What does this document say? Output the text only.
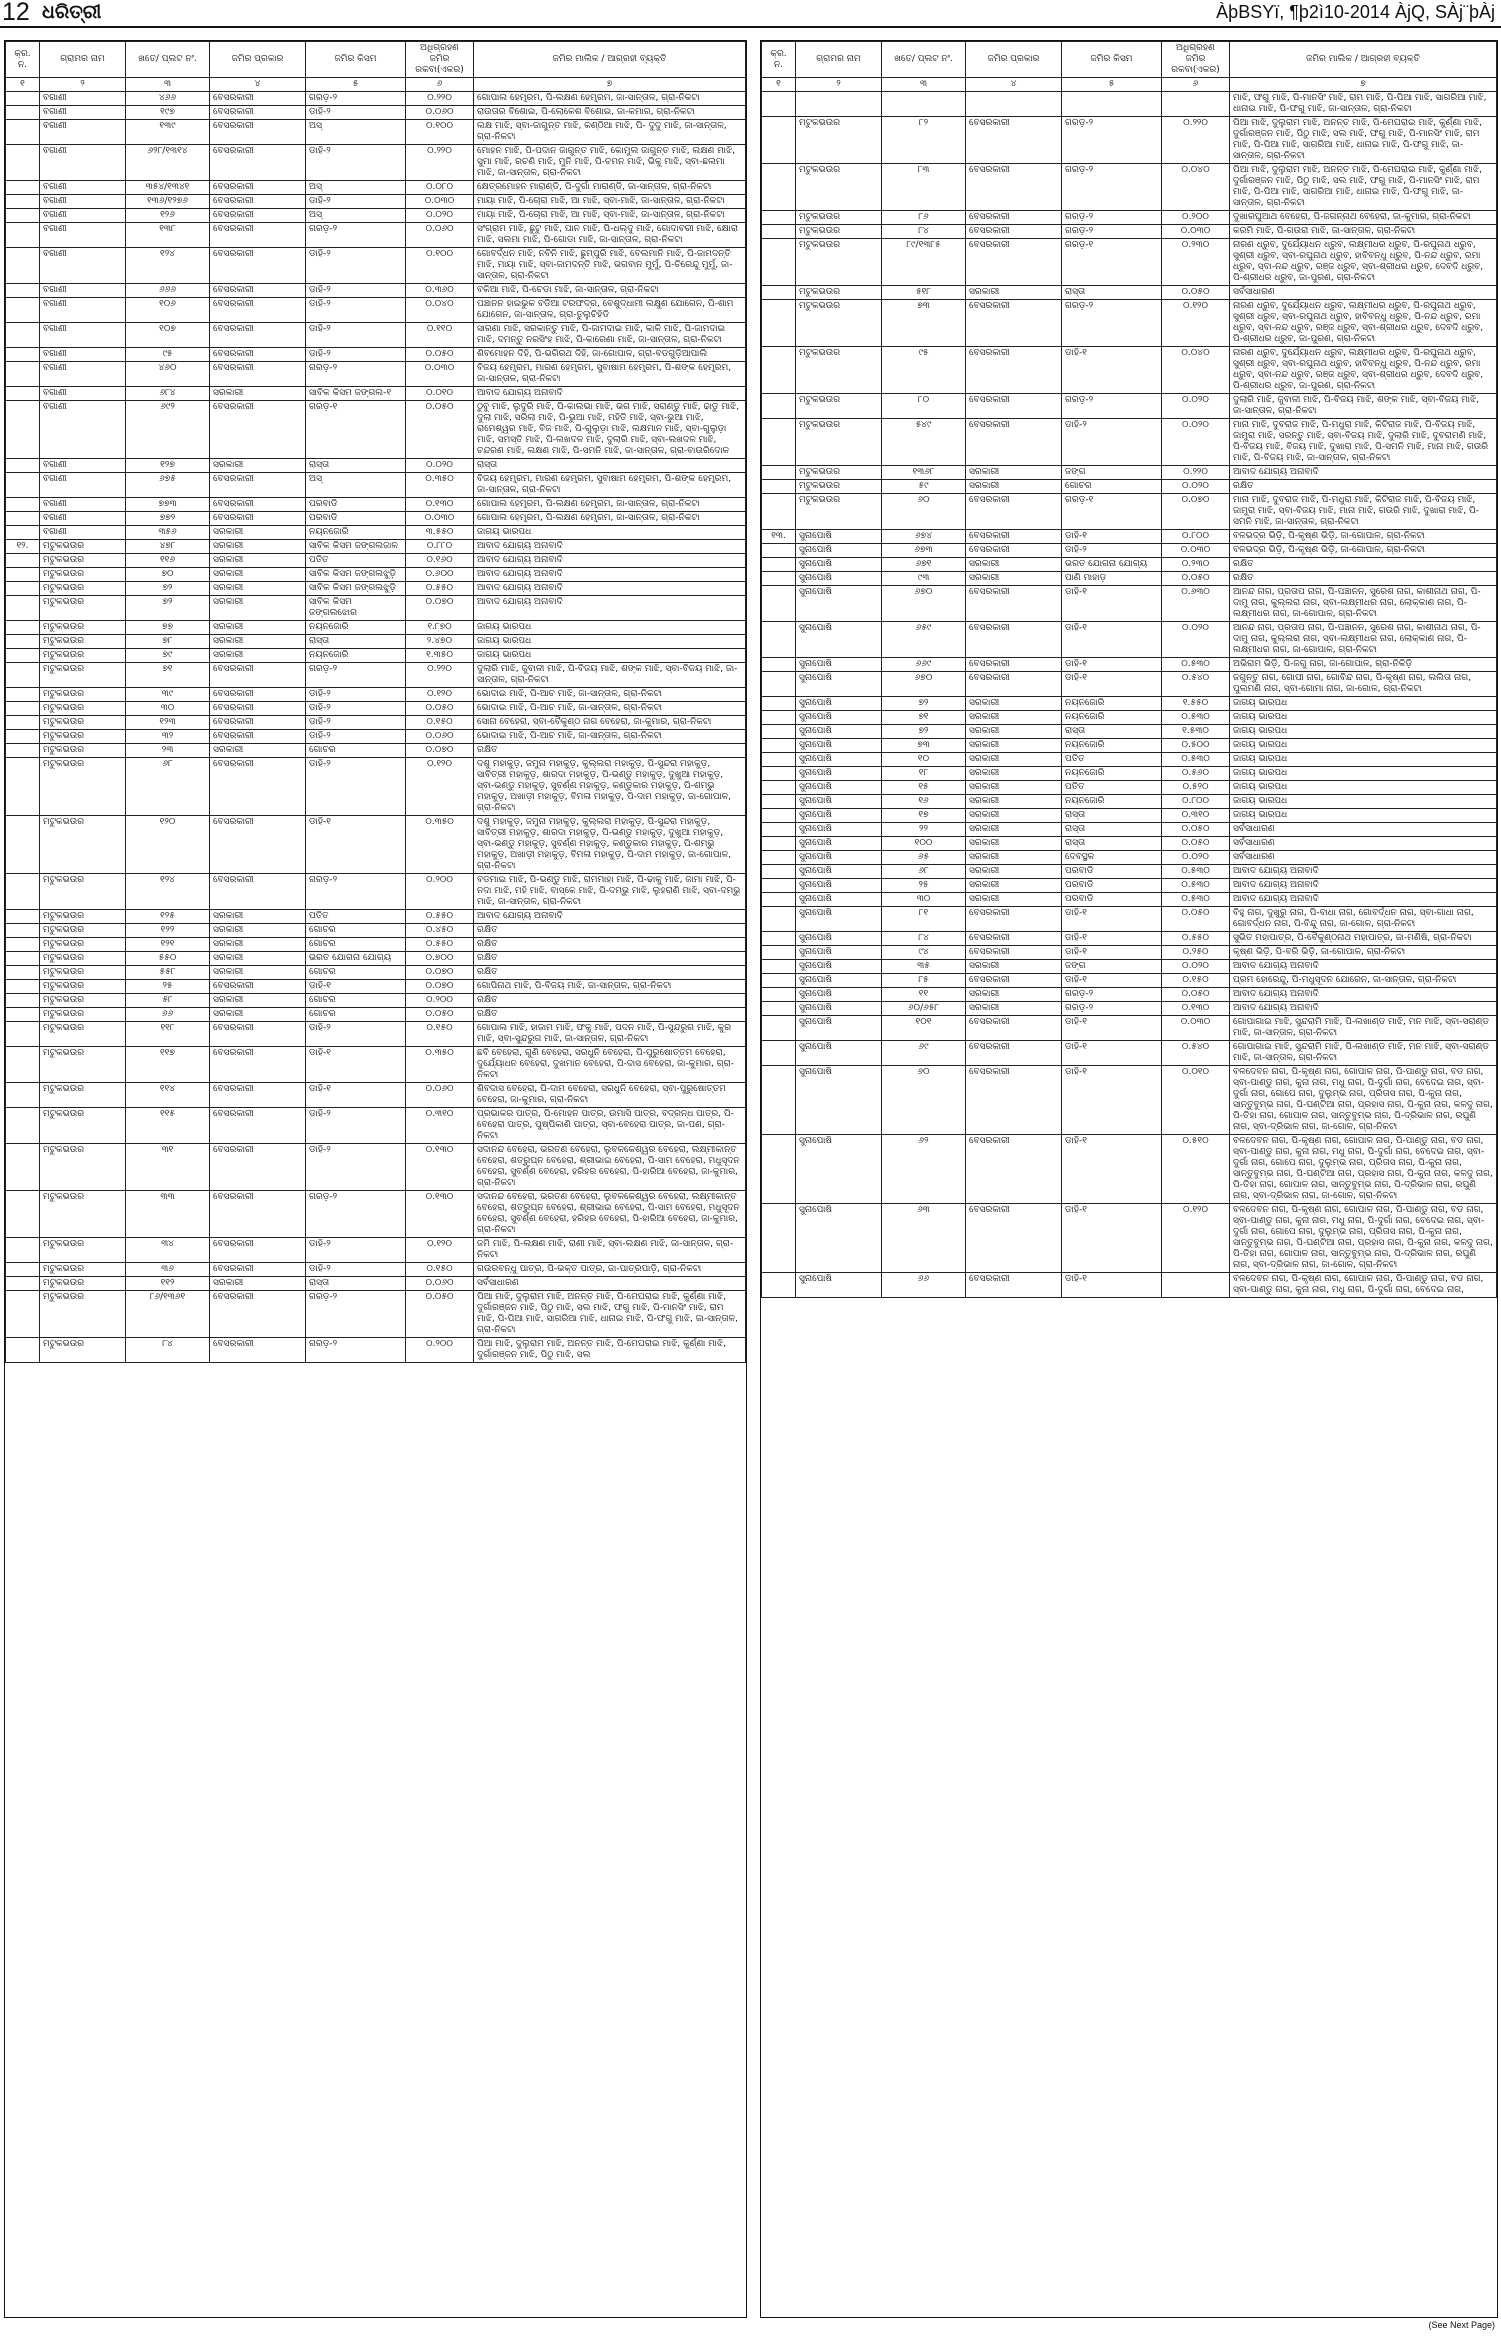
12 ଧରିତ୍ରୀ	ÀþBSYï, ¶þ2ì10-2014 ÀjQ, SÀj¨þÀj
କ୍ର. ନ.	ଗ୍ରାମର ନାମ	ଖତେ/ ପ୍ଲଟ ନଂ.	ଜମିର ପ୍ରକାର	ଜମିର କିସମ	ଅଧିଗ୍ରହଣ ଜମିର ରକବା(ଏକର)	ଜମିର ମାଲିକ / ଆଗ୍ରହୀ ବ୍ୟକ୍ତି
୧	୨	୩	୪	୫	୬	୭
	ବଗାଣୀ	୪୬୬	ବେସରକାରୀ	ଗରଡ଼-୨	୦.୨୨୦	ଗୋପାଲ ହେମ୍ବ୍ରମ, ପି-ଲକ୍ଷଣ ହେମ୍ବ୍ରମ, ଜା-ସାନ୍ତାଳ, ଗ୍ରା-ନିକଟା
	ବଗାଣୀ	୧୯୭	ବେସରକାରୀ	ଡାହି-୨	୦.୦୬୦	ରାଉତାର ବିଶୋଇ, ପି-ଲୋକେଶ ବିଶୋଇ, ଜା-କମାର, ଗ୍ରା-ନିକଟା
	ବଗାଣୀ	୧୩୯	ବେସରକାରୀ	ଅସ୍	୦.୧୦୦	ଲକ୍ଷ ମାଝି, ସ୍ବା-ଜାଗୁନ୍ତ ମାଝି, କଣ୍ଠିଆ ମାଝି, ପି- ଦୁଦୁ ମାଝି, ଜା-ସାନ୍ତାଳ, ଗ୍ରା-ନିକଟା
	ବଗାଣୀ	୬୨୮/୧୩୧୪	ବେସରକାରୀ	ଡାହି-୨	୦.୨୨୦	ମୋହନ ମାଝି, ପି-ପଦାନ ଜାଗୁନ୍ତ ମାଝି, କୋମୁଲ ଜାଗୁନ୍ତ ମାଝି, ଲକ୍ଷଣ ମାଝି, ସୁମା ମାଝି, ରଚଣି ମାଝି, ମୁନି ମାଝି, ପି-ଚମନ ମାଝି, ଭିକୁ ମାଝି, ସ୍ବା-ଛଲମା ମାଝି, ଜା-ସାନ୍ତାଳ, ଗ୍ରା-ନିକଟା
	ବଗାଣୀ	୩୫୪/୧୩୪୧	ବେସରକାରୀ	ଅସ୍	୦.୦୮୦	କ୍ଷେତ୍ରମୋହନ ମାରାଣ୍ଡି, ପି-ଦୁର୍ଗା ମାରାଣ୍ଡି, ଜା-ସାନ୍ତାଳ, ଗ୍ରା-ନିକଟା
	ବଗାଣୀ	୧୩୬/୧୨୭୬	ବେସରକାରୀ	ଡାହି-୨	୦.୦୩୦	ମାୟା ମାଝି, ପି-ଚୋରା ମାଝି, ଆ ମାଝି, ସ୍ବା-ମାଝି, ଜା-ସାନ୍ତାଳ, ଗ୍ରା-ନିକଟା
	ବଗାଣୀ	୧୨୬	ବେସରକାରୀ	ଅସ୍	୦.୦୨୦	ମାୟା ମାଝି, ପି-ଚୋରା ମାଝି, ଆ ମାଝି, ସ୍ବା-ମାଝି, ଜା-ସାନ୍ତାଳ, ଗ୍ରା-ନିକଟା
	ବଗାଣୀ	୧୩୮	ବେସରକାରୀ	ଗରଡ଼-୨	୦.୦୬୦	ସଂଗ୍ରାମ ମାଝି, ଛୁଟୁ ମାଝି, ପାନ ମାଝି, ପି-ଧଲ୍ଦୁ ମାଝି, ଗୋଦାବରୀ ମାଝି, କ୍ଷୋରା ମାଝି, ସଲମା ମାଝି, ପି-ଗୋଡା ମାଝି, ଜା-ସାନ୍ତାଳ, ଗ୍ରା-ନିକଟା
	ବଗାଣୀ	୧୨୪	ବେସରକାରୀ	ଡାହି-୨	୦.୧୦୦	ଗୋବର୍ଦ୍ଧନ ମାଝି, ନବିନି ମାଝି, ଛୁମ୍ପୁରି ମାଝି, ବେଲମାନି ମାଝି, ପି-ଜାମଦନ୍ତି ମାଝି, ମାୟା ମାଝି, ସ୍ବା-ଜାମଦନ୍ତି ମାଝି, ଭଗବାନ ମୁର୍ମୁ, ପି-ଚିରେନ୍ଦୁ ମୁର୍ମୁ, ଜା-ସାନ୍ତାଳ, ଗ୍ରା-ନିକଟା
	ବଗାଣୀ	୬୬୬	ବେସରକାରୀ	ଡାହି-୨	୦.୩୬୦	ବକିଆ ମାଝି, ପି-ଚେଡା ମାଝି, ଜା-ସାନ୍ତାଳ, ଗ୍ରା-ନିକଟା
	ବଗାଣୀ	୧୦୬	ବେସରକାରୀ	ଡାହି-୨	୦.୦୪୦	ପଞ୍ଚାନନ ହାଇଭୁକ ବଡିଆ ଟରଫଦ୍ର, ବେଶୁଦ୍ଧାମୀ ଲକ୍ଷୁଣ ଯୋଗେନ, ପି-ଶାମ ଯୋଗେନ, ଜା-ସାନ୍ତାଳ, ଗ୍ରା-ତୁଲୁଚିହିଡି
	ବଗାଣୀ	୧୦୭	ବେସରକାରୀ	ଡାହି-୨	୦.୧୧୦	ସାରଣା ମାଝି, ସରକାନ୍ତୁ ମାଝି, ପି-ଜାମଦାଇ ମାଝି, କାଳି ମାଝି, ପି-ଜାମଦାଇ ମାଝି, ଦମନ୍ତୁ ନରସିଂହ ମାଝି, ପି-କାରେଣା ମାଝି, ଜା-ସାନ୍ତାଳ, ଗ୍ରା-ନିକଟା
	ବଗାଣୀ	୯୫	ବେସରକାରୀ	ଡାହି-୨	୦.୦୫୦	ଶିବମୋହନ ଦିହି, ପି-ଭଗିରଥ ଦିହି, ଜା-ଗୋପାଳ, ଗ୍ରା-ବଡଗୁଡ଼ିଆପାଲି
	ବଗାଣୀ	୪୬୦	ବେସରକାରୀ	ଗରଡ଼-୨	୦.୦୩୦	ବିଜୟ ହେମ୍ବ୍ରମ, ମାରଣ ହେମ୍ବ୍ରମ, ସୁବାଷାମ ହେମ୍ବ୍ରମ, ପି-ଶଙ୍କ ହେମ୍ବ୍ରମ, ଜା-ସାନ୍ତାଳ, ଗ୍ରା-ନିକଟା
	ବଗାଣୀ	୬୮୪	ସରକାରୀ	ସାବିକ କିସମ ଜଙ୍ଗଲ-୧	୦.୦୧୦	ଆବାଦ ଯୋଗ୍ୟ ଅନାବାଦି
	ବଗାଣୀ	୬୯୨	ବେସରକାରୀ	ଗରଡ଼-୧	୦.୦୫୦	ଠୁବୁ ମାଝି, ଲୁଦୁରି ମାଝି, ପି-କାଲଭା ମାଝି, ଭଗ ମାଝି, ସରାଣ୍ଡୁ ମାଝି, ଢାଡୁ ମାଝି, ଦୁଲା ମାଝି, ସରିଲା ମାଝି, ପି-ଭୁଆ ମାଝି, ମହିତି ମାଝି, ସ୍ବା-ଭୁଆ ମାଝି, ରାମେଶ୍ୱର ମାଝି, ବିଜ ମାଝି, ପି-ଗୁଲୁଡ଼ା ମାଝି, ଲକ୍ଷମାନ ମାଝି, ସ୍ବା-ଗୁଲୁଡ଼ା ମାଝି, ସମସ୍ତି ମାଝି, ପି-ଲଖଦଳ ମାଝି, ଦୁଲାରି ମାଝି, ସ୍ବା-ଲଖଦଳ ମାଝି, ଚନ୍ଦରଣ ମାଝି, ଲକ୍ଷଣ ମାଝି, ପି-ସମନି ମାଝି, ଜା-ସାନ୍ତାଳ, ଗ୍ରା-ବାଉରିଦୋଳ
	ବଗାଣୀ	୧୨୭	ସରକାରୀ	ରାସ୍ତା	୦.୦୨୦	ରାସ୍ତା
	ବଗାଣୀ	୬୭୫	ବେସରକାରୀ	ଅସ୍	୦.୩୫୦	ବିଜୟ ହେମ୍ବ୍ରମ, ମାରଣ ହେମ୍ବ୍ରମ, ସୁବାଷାମ ହେମ୍ବ୍ରମ, ପି-ଶଙ୍କ ହେମ୍ବ୍ରମ, ଜା-ସାନ୍ତାଳ, ଗ୍ରା-ନିକଟା
	ବଗାଣୀ	୭୭୩	ବେସରକାରୀ	ପରବାଡି	୦.୧୩୦	ଗୋପାଲ ହେମ୍ବ୍ରମ, ପି-ଲକ୍ଷଣ ହେମ୍ବ୍ରମ, ଜା-ସାନ୍ତାଳ, ଗ୍ରା-ନିକଟା
	ବଗାଣୀ	୭୭୨	ବେସରକାରୀ	ପରବାଡି	୦.୦୩୦	ଗୋପାଲ ହେମ୍ବ୍ରମ, ପି-ଲକ୍ଷଣ ହେମ୍ବ୍ରମ, ଜା-ସାନ୍ତାଳ, ଗ୍ରା-ନିକଟା
	ବଗାଣୀ	୩୫୬	ସରକାରୀ	ନୟନଜୋରି	୩.୫୫୦	ଜାଗୟ ଭାରପଧ
୧୨.	ମଟୁକଭଉର	୪୭୮	ସରକାରୀ	ସାବିକ କିସମ ଜଙ୍ଗଲଜାଳ	୦.୮୮୦	ଆବାଦ ଯୋଗ୍ୟ ଅନାବାଦି
	ମଟୁକଭଉର	୧୧୬	ସରକାରୀ	ପତିତ	୦.୧୬୦	ଆବାଦ ଯୋଗ୍ୟ ଅନାବାଦି
	ମଟୁକଭଉର	୭୦	ସରକାରୀ	ସାବିକ କିସମ ଜଙ୍ଗଲଝୁଡ଼ି	୦.୬୦୦	ଆବାଦ ଯୋଗ୍ୟ ଅନାବାଦି
	ମଟୁକଭଉର	୭୨	ସରକାରୀ	ସାବିକ କିସମ ଜଙ୍ଗଲଝୁଡ଼ି	୦.୫୫୦	ଆବାଦ ଯୋଗ୍ୟ ଅନାବାଦି
	ମଟୁକଭଉର	୭୨	ସରକାରୀ	ସାବିକ କିସମ ଜଙ୍ଗଲଝୋର	୦.୦୭୦	ଆବାଦ ଯୋଗ୍ୟ ଅନାବାଦି
	ମଟୁକଭଉର	୭୭	ସରକାରୀ	ନୟନଜୋରି	୧.୮୭୦	ଜାଗୟ ଭାରପଧ
	ମଟୁକଭଉର	୭୮	ସରକାରୀ	ରାସ୍ତା	୨.୪୭୦	ଜାଗୟ ଭାରପଧ
	ମଟୁକଭଉର	୭୯	ସରକାରୀ	ନୟନଜୋରି	୧.୩୫୦	ଜାଗୟ ଭାରପଧ
	ମଟୁକଭଉର	୭୧	ବେସରକାରୀ	ଗରଡ଼-୨	୦.୨୨୦	ଦୁଲାରି ମାଝି, ଜୁବାଳୀ ମାଝି, ପି-ବିଜୟ ମାଝି, ଶଙ୍କ ମାଝି, ସ୍ବା-ବିଜୟ ମାଝି, ଜା-ସାନ୍ତାଳ, ଗ୍ରା-ନିକଟା
	ମଟୁକଭଉର	୩୯	ବେସରକାରୀ	ଡାହି-୨	୦.୧୨୦	ଭୋଦାଇ ମାଝି, ପି-ଆଚ ମାଝି, ଜା-ସାନ୍ତାଳ, ଗ୍ରା-ନିକଟା
	ମଟୁକଭଉର	୩୦	ବେସରକାରୀ	ଡାହି-୨	୦.୦୫୦	ଭୋଦାଇ ମାଝି, ପି-ଆଚ ମାଝି, ଜା-ସାନ୍ତାଳ, ଗ୍ରା-ନିକଟା
	ମଟୁକଭଉର	୧୨୩	ବେସରକାରୀ	ଡାହି-୨	୦.୧୫୦	ସୋନା ବେହେରା, ସ୍ବା-ବୈକୁଣ୍ଠ ନାଗ ବେହେରା, ଜା-କୁମାର, ଗ୍ରା-ନିକଟା
	ମଟୁକଭଉର	୩୨	ବେସରକାରୀ	ଡାହି-୨	୦.୦୬୦	ଭୋଦାଇ ମାଝି, ପି-ଆଚ ମାଝି, ଜା-ସାନ୍ତାଳ, ଗ୍ରା-ନିକଟା
	ମଟୁକଭଉର	୨୩	ସରକାରୀ	ଗୋଚର	୦.୦୭୦	ରକ୍ଷିତ
	ମଟୁକଭଉର	୬୮	ବେସରକାରୀ	ଡାହି-୨	୦.୧୨୦	ଦଶୁ ମହାକୁଡ଼, ଜମୁନା ମହାକୁଡ଼, କୁଲ୍ଲରା ମହାକୁଡ଼, ପି-ସୁନ୍ଦରା ମହାକୁଡ଼, ସାବିତ୍ରୀ ମହାକୁଡ଼, ଶାରଦା ମହାକୁଡ଼, ପି-ଭଣ୍ଡୁ ମହାକୁଡ଼, ଦୁଖୁଆ ମହାକୁଡ଼, ସ୍ବା-ଭଣ୍ଡୁ ମହାକୁଡ଼, ସୁବର୍ଣ୍ଣ ମହାକୁଡ଼, କଣ୍ଡୁକାର ମହାକୁଡ଼, ପି-ଶମ୍ଭୁ ମହାକୁଡ଼, ଅଖାଡ଼ୀ ମହାକୁଡ଼, ବିମଳା ମହାକୁଡ଼, ପି-ଦାମ ମହାକୁଡ଼, ଜା-ଗୋପାଳ, ଗ୍ରା-ନିକଟା
	ମଟୁକଭଉର	୧୨୦	ବେସରକାରୀ	ଡାହି-୧	୦.୩୫୦	ଦଶୁ ମହାକୁଡ଼, ଜମୁନା ମହାକୁଡ଼, କୁଲ୍ଲରା ମହାକୁଡ଼, ପି-ସୁନ୍ଦରା ମହାକୁଡ଼, ସାବିତ୍ରୀ ମହାକୁଡ଼, ଶାରଦା ମହାକୁଡ଼, ପି-ଭଣ୍ଡୁ ମହାକୁଡ଼, ଦୁଖୁଆ ମହାକୁଡ଼, ସ୍ବା-ଭଣ୍ଡୁ ମହାକୁଡ଼, ସୁବର୍ଣ୍ଣ ମହାକୁଡ଼, କଣ୍ଡୁକାର ମହାକୁଡ଼, ପି-ଶମ୍ଭୁ ମହାକୁଡ଼, ଅଖାଡ଼ୀ ମହାକୁଡ଼, ବିମଳା ମହାକୁଡ଼, ପି-ଦାମ ମହାକୁଡ଼, ଜା-ଗୋପାଳ, ଗ୍ରା-ନିକଟା
	ମଟୁକଭଉର	୧୨୪	ବେସରକାରୀ	ଗରଡ଼-୨	୦.୨୦୦	ବଡମାଇ ମାଝି, ପି-ଭଣ୍ଡୁ ମାଝି, ରାମମାହା ମାଝି, ପି-ଢାକୁ ମାଝି, ଜାମା ମାଝି, ପି-ନଦା ମାଝି, ମହି ମାଝି, ବାସ୍କେ ମାଝି, ପି-ଦମ୍ଭୁ ମାଝି, ଲୁହରାଣି ମାଝି, ସ୍ବା-ଦମ୍ଭୁ ମାଝି, ଜା-ସାନ୍ତାଳ, ଗ୍ରା-ନିକଟା
	ମଟୁକଭଉର	୧୨୫	ସରକାରୀ	ପତିତ	୦.୫୫୦	ଆବାଦ ଯୋଗ୍ୟ ଅନାବାଦି
	ମଟୁକଭଉର	୧୨୨	ସରକାରୀ	ଗୋଚର	୦.୪୫୦	ରକ୍ଷିତ
	ମଟୁକଭଉର	୧୨୧	ସରକାରୀ	ଗୋଚର	୦.୫୫୦	ରକ୍ଷିତ
	ମଟୁକଭଉର	୫୫୦	ସରକାରୀ	ଭରତ ଯୋଗନା ଯୋଗ୍ୟ	୦.୭୦୦	ରକ୍ଷିତ
	ମଟୁକଭଉର	୫୫୮	ସରକାରୀ	ଗୋଚର	୦.୦୭୦	ରକ୍ଷିତ
	ମଟୁକଭଉର	୨୫	ବେସରକାରୀ	ଡାହି-୧	୦.୦୭୦	ଗୋପିନାଥ ମାଝି, ପି-ବିଜୟ ମାଝି, ଜା-ସାନ୍ତାଳ, ଗ୍ରା-ନିକଟା
	ମଟୁକଭଉର	୫୮	ସରକାରୀ	ଗୋଚର	୦.୨୦୦	ରକ୍ଷିତ
	ମଟୁକଭଉର	୬୬	ସରକାରୀ	ଗୋଚର	୦.୦୫୦	ରକ୍ଷିତ
	ମଟୁକଭଉର	୧୧୮	ବେସରକାରୀ	ଡାହି-୨	୦.୧୫୦	ଗୋପାଲ ମାଝି, ହାଜାମ ମାଝି, ଫକୁ ମାଝି, ପଦନ ମାଝି, ପି-ସୁନ୍ଦରୁଗ ମାଝି, କୁର ମାଝି, ସ୍ବା-ସୁନ୍ଦରୁଗ ମାଝି, ଜା-ସାନ୍ତାଳ, ଗ୍ରା-ନିକଟା
	ମଟୁକଭଉର	୧୧୭	ବେସରକାରୀ	ଡାହି-୧	୦.୩୫୦	ଛବି ବେହେରା, ଗୁଣି ବେହେରା, ସରଧୁନି ବେହେରା, ପି-ପୁରୁଷୋତ୍ତମ ବେହେରା, ଦୁର୍ଯ୍ୟୋଧନ ବେହେରା, ଦୁଖମାନ ବେହେରା, ପି-ଦାସ ବେହେରା, ଜା-କୁମାର, ଗ୍ରା-ନିକଟା
	ମଟୁକଭଉର	୧୧୪	ବେସରକାରୀ	ଡାହି-୧	୦.୦୬୦	ଶିବଦାସ ବେହେରା, ପି-ଦାମ ବେହେରା, ସରଧୁନି ବେହେରା, ସ୍ବା-ପୁରୁଷୋତ୍ତମ ବେହେରା, ଜା-କୁମାର, ଗ୍ରା-ନିକଟା
	ମଟୁକଭଉର	୧୧୫	ବେସରକାରୀ	ଡାହି-୨	୦.୩୧୦	ପ୍ରଭାକର ପାତ୍ର, ପି-ମୋହନ ପାତ୍ର, ଉମାସି ପାତ୍ର, ବଦ୍ରନ୍ଧ ପାତ୍ର, ପି-ବେହେରା ପାତ୍ର, ପୁଷ୍ପିକାଣି ପାତ୍ର, ସ୍ବା-ବେହେରା ପାତ୍ର, ଜା-ପଣ, ଗ୍ରା-ନିକଟା
	ମଟୁକଭଉର	୩୧	ବେସରକାରୀ	ଡାହି-୨	୦.୧୩୦	ସଦାନନ୍ଦ ବେହେରା, ଭରତଣ ବେହେରା, ଲୁବଳକେଶ୍ୱର ବେହେରା, ଲକ୍ଷ୍ମୀକାନ୍ତ ବେହେରା, ଶତ୍ରୁଘ୍ନ ବେହେରା, ଶ୍ରୀଭାଇ ବେହେରା, ପି-ସାମ ବେହେରା, ମଧୁସୂଦନ ବେହେରା, ସୁବର୍ଣ୍ଣ ବେହେରା, ହରିହର ବେହେରା, ପି-ହାରିଆ ବେହେରା, ଜା-କୁମାର, ଗ୍ରା-ନିକଟା
	ମଟୁକଭଉର	୩୩	ବେସରକାରୀ	ଗରଡ଼-୨	୦.୧୩୦	ସଦାନନ୍ଦ ବେହେରା, ଭରତଣ ବେହେରା, ଲୁବଳକେଶ୍ୱର ବେହେରା, ଲକ୍ଷ୍ମୀକାନ୍ତ ବେହେରା, ଶତ୍ରୁଘ୍ନ ବେହେରା, ଶ୍ରୀଭାଇ ବେହେରା, ପି-ସାମ ବେହେରା, ମଧୁସୂଦନ ବେହେରା, ସୁବର୍ଣ୍ଣ ବେହେରା, ହରିହର ବେହେରା, ପି-ହାରିଆ ବେହେରା, ଜା-କୁମାର, ଗ୍ରା-ନିକଟା
	ମଟୁକଭଉର	୩୪	ବେସରକାରୀ	ଡାହି-୨	୦.୧୨୦	ଜମି ମାଝି, ପି-ଲକ୍ଷଣ ମାଝି, ରାଣୀ ମାଝି, ସ୍ବା-ଲକ୍ଷଣ ମାଝି, ଜା-ସାନ୍ତାଳ, ଗ୍ରା-ନିକଟା
	ମଟୁକଭଉର	୩୬	ବେସରକାରୀ	ଡାହି-୨	୦.୧୫୦	ଗଉରବନ୍ଧୁ ପାତ୍ର, ପି-ଭକ୍ତ ପାତ୍ର, ଜା-ପାତ୍ରପାଡ଼ି, ଗ୍ରା-ନିକଟା
	ମଟୁକଭଉର	୧୧୨	ସରକାରୀ	ରାସ୍ତା	୦.୦୬୦	ସର୍ବସାଧାରଣ
	ମଟୁକଭଉର	୮୬/୧୩୬୧	ବେସରକାରୀ	ଗରଡ଼-୨	୦.୦୫୦	ପିଆ ମାଝି, ଦୁଲୁରାମ ମାଝି, ଅନନ୍ତ ମାଝି, ପି-ମେଘରାଇ ମାଝି, କୁର୍ଣ୍ଣା ମାଝି, ଦୁର୍ଗାରଞ୍ଜନ ମାଝି, ପିଠୁ ମାଝି, ସଲ ମାଝି, ଫଗୁ ମାଝି, ପି-ମାନସିଂ ମାଝି, ରାମ ମାଝି, ପି-ପିଆ ମାଝି, ସାଗରିଆ ମାଝି, ଧାନାଇ ମାଝି, ପି-ଫଗୁ ମାଝି, ଜା-ସାନ୍ତାଳ, ଗ୍ରା-ନିକଟା
	ମଟୁକଭଉର	୮୪	ବେସରକାରୀ	ଗରଡ଼-୨	୦.୨୦୦	ପିଆ ମାଝି, ଦୁଲୁରାମ ମାଝି, ଅନନ୍ତ ମାଝି, ପି-ମେଘରାଇ ମାଝି, କୁର୍ଣ୍ଣା ମାଝି, ଦୁର୍ଗାରଞ୍ଜନ ମାଝି, ପିଠୁ ମାଝି, ସଲ
କ୍ର. ନ.	ଗ୍ରାମର ନାମ	ଖତେ/ ପ୍ଲଟ ନଂ.	ଜମିର ପ୍ରକାର	ଜମିର କିସମ	ଅଧିଗ୍ରହଣ ଜମିର ରକବା(ଏକର)	ଜମିର ମାଲିକ / ଆଗ୍ରହୀ ବ୍ୟକ୍ତି
୧	୨	୩	୪	୫	୬	୭
						ମାଝି, ଫଗୁ ମାଝି, ପି-ମାନସିଂ ମାଝି, ରାମ ମାଝି, ପି-ପିଆ ମାଝି, ସାଗରିଆ ମାଝି, ଧାନାଇ ମାଝି, ପି-ଫଗୁ ମାଝି, ଜା-ସାନ୍ତାଳ, ଗ୍ରା-ନିକଟା
	ମଟୁକଭଉର	୮୨	ବେସରକାରୀ	ଗରଡ଼-୨	୦.୨୨୦	ପିଆ ମାଝି, ଦୁଲୁରାମ ମାଝି, ଅନନ୍ତ ମାଝି, ପି-ମେଘରାଇ ମାଝି, କୁର୍ଣ୍ଣା ମାଝି, ଦୁର୍ଗାରଞ୍ଜନ ମାଝି, ପିଠୁ ମାଝି, ସଲ ମାଝି, ଫଗୁ ମାଝି, ପି-ମାନସିଂ ମାଝି, ରାମ ମାଝି, ପି-ପିଆ ମାଝି, ସାଗରିଆ ମାଝି, ଧାନାଇ ମାଝି, ପି-ଫଗୁ ମାଝି, ଜା-ସାନ୍ତାଳ, ଗ୍ରା-ନିକଟା
	ମଟୁକଭଉର	୮୩	ବେସରକାରୀ	ଗରଡ଼-୨	୦.୦୪୦	ପିଆ ମାଝି, ଦୁଲୁରାମ ମାଝି, ଅନନ୍ତ ମାଝି, ପି-ମେଘରାଇ ମାଝି, କୁର୍ଣ୍ଣା ମାଝି, ଦୁର୍ଗାରଞ୍ଜନ ମାଝି, ପିଠୁ ମାଝି, ସଲ ମାଝି, ଫଗୁ ମାଝି, ପି-ମାନସିଂ ମାଝି, ରାମ ମାଝି, ପି-ପିଆ ମାଝି, ସାଗରିଆ ମାଝି, ଧାନାଇ ମାଝି, ପି-ଫଗୁ ମାଝି, ଜା-ସାନ୍ତାଳ, ଗ୍ରା-ନିକଟା
	ମଟୁକଭଉର	୮୬	ବେସରକାରୀ	ଗରଡ଼-୨	୦.୨୦୦	ଦୁଖାରଘୁଆଥ ବେହେରା, ପି-ଜଗନ୍ନାଥ ବେହେରା, ଜା-କୁମାର, ଗ୍ରା-ନିକଟା
	ମଟୁକଭଉର	୮୪	ବେସରକାରୀ	ଗରଡ଼-୨	୦.୦୩୦	କରମି ମାଝି, ପି-ଗଉରା ମାଝି, ଜା-ସାନ୍ତାଳ, ଗ୍ରା-ନିକଟା
	ମଟୁକଭଉର	୮୯/୧୩୮୫	ବେସରକାରୀ	ଗରଡ଼-୧	୦.୨୩୦	ନାରଣ ଧ୍ରୁବ, ଦୁର୍ଯ୍ୟୋଧନ ଧ୍ରୁବ, ଲକ୍ଷ୍ମୀଧର ଧ୍ରୁବ, ପି-ରଘୁନାଥ ଧ୍ରୁବ, ସୁଶ୍ରୀ ଧ୍ରୁବ, ସ୍ବା-ରଘୁନାଥ ଧ୍ରୁବ, ହାବିବନ୍ଧୁ ଧ୍ରୁବ, ପି-ନନ୍ଦ ଧ୍ରୁବ, ରମା ଧ୍ରୁବ, ସ୍ବା-ନନ୍ଦ ଧ୍ରୁବ, ରଞ୍ଜ ଧ୍ରୁବ, ସ୍ବା-ଶ୍ରୀଧର ଧ୍ରୁବ, ଦେବଦି ଧ୍ରୁବ, ପି-ଶ୍ରୀଧର ଧ୍ରୁବ, ଜା-ପୁରଣ, ଗ୍ରା-ନିକଟା
	ମଟୁକଭଉର	୫୧୮	ସରକାରୀ	ରାସ୍ତା	୦.୦୫୦	ସର୍ବସାଧାରଣ
	ମଟୁକଭଉର	୭୩	ବେସରକାରୀ	ଗରଡ଼-୨	୦.୧୨୦	ନାରଣ ଧ୍ରୁବ, ଦୁର୍ଯ୍ୟୋଧନ ଧ୍ରୁବ, ଲକ୍ଷ୍ମୀଧର ଧ୍ରୁବ, ପି-ରଘୁନାଥ ଧ୍ରୁବ, ସୁଶ୍ରୀ ଧ୍ରୁବ, ସ୍ବା-ରଘୁନାଥ ଧ୍ରୁବ, ହାବିବନ୍ଧୁ ଧ୍ରୁବ, ପି-ନନ୍ଦ ଧ୍ରୁବ, ରମା ଧ୍ରୁବ, ସ୍ବା-ନନ୍ଦ ଧ୍ରୁବ, ରଞ୍ଜ ଧ୍ରୁବ, ସ୍ବା-ଶ୍ରୀଧର ଧ୍ରୁବ, ଦେବଦି ଧ୍ରୁବ, ପି-ଶ୍ରୀଧର ଧ୍ରୁବ, ଜା-ପୁରଣ, ଗ୍ରା-ନିକଟା
	ମଟୁକଭଉର	୯୫	ବେସରକାରୀ	ଡାହି-୧	୦.୦୪୦	ନାରଣ ଧ୍ରୁବ, ଦୁର୍ଯ୍ୟୋଧନ ଧ୍ରୁବ, ଲକ୍ଷ୍ମୀଧର ଧ୍ରୁବ, ପି-ରଘୁନାଥ ଧ୍ରୁବ, ସୁଶ୍ରୀ ଧ୍ରୁବ, ସ୍ବା-ରଘୁନାଥ ଧ୍ରୁବ, ହାବିବନ୍ଧୁ ଧ୍ରୁବ, ପି-ନନ୍ଦ ଧ୍ରୁବ, ରମା ଧ୍ରୁବ, ସ୍ବା-ନନ୍ଦ ଧ୍ରୁବ, ରଞ୍ଜ ଧ୍ରୁବ, ସ୍ବା-ଶ୍ରୀଧର ଧ୍ରୁବ, ଦେବଦି ଧ୍ରୁବ, ପି-ଶ୍ରୀଧର ଧ୍ରୁବ, ଜା-ପୁରଣ, ଗ୍ରା-ନିକଟା
	ମଟୁକଭଉର	୮୦	ବେସରକାରୀ	ଗରଡ଼-୨	୦.୦୨୦	ଦୁଲାରି ମାଝି, ଜୁବାଳୀ ମାଝି, ପି-ବିଜୟ ମାଝି, ଶଙ୍କ ମାଝି, ସ୍ବା-ବିଜୟ ମାଝି, ଜା-ସାନ୍ତାଳ, ଗ୍ରା-ନିକଟା
	ମଟୁକଭଉର	୫୪୯	ବେସରକାରୀ	ଡାହି-୨	୦.୦୨୦	ମାନା ମାଝି, ଦୁବରାଜ ମାଝି, ପି-ମଧୁରା ମାଝି, କିଟିରାଜ ମାଝି, ପି-ବିଜୟ ମାଝି, ଜାମୁରା ମାଝି, ସରନ୍ତୁ ମାଝି, ସ୍ବା-ବିଜୟ ମାଝି, ଦୁଲାରି ମାଝି, ଦୁବରାମଣି ମାଝି, ପି-ବିଜୟ ମାଝି, ବିଜୟ ମାଝି, ଦୁଖାରା ମାଝି, ପି-ସମନି ମାଝି, ମାନା ମାଝି, ଗଉରି ମାଝି, ପି-ବିଜୟ ମାଝି, ଜା-ସାନ୍ତାଳ, ଗ୍ରା-ନିକଟା
	ମଟୁକଭଉର	୧୩୬୮	ସରକାରୀ	ଜଙ୍ଗ	୦.୨୨୦	ଆବାଦ ଯୋଗ୍ୟ ଅନାବାଦି
	ମଟୁକଭଉର	୫୯	ସରକାରୀ	ଗୋଚର	୦.୦୨୦	ରକ୍ଷିତ
	ମଟୁକଭଉର	୬୦	ବେସରକାରୀ	ଗରଡ଼-୧	୦.୦୭୦	ମାନା ମାଝି, ଦୁବରାଜ ମାଝି, ପି-ମଧୁରା ମାଝି, କିଟିରାଜ ମାଝି, ପି-ବିଜୟ ମାଝି, ଜାମୁରା ମାଝି, ସ୍ବା-ବିଜୟ ମାଝି, ମାନା ମାଝି, ଗଉରି ମାଝି, ଦୁଖାରା ମାଝି, ପି-ସମନି ମାଝି, ଜା-ସାନ୍ତାଳ, ଗ୍ରା-ନିକଟା
୧୩.	ସୁନାପୋଷି	୬୭୪	ବେସରକାରୀ	ଡାହି-୧	୦.୮୦୦	ବଳଭଦ୍ର ଭିଡ଼ି, ପି-କୃଷ୍ଣ ଭିଡ଼ି, ଜା-ଗୋପାଳ, ଗ୍ରା-ନିକଟା
	ସୁନାପୋଷି	୬୭୩	ବେସରକାରୀ	ଡାହି-୨	୦.୦୩୦	ବଳଭଦ୍ର ଭିଡ଼ି, ପି-କୃଷ୍ଣ ଭିଡ଼ି, ଜା-ଗୋପାଳ, ଗ୍ରା-ନିକଟା
	ସୁନାପୋଷି	୬୭୧	ସରକାରୀ	ଭରତ ଯୋଗନା ଯୋଗ୍ୟ	୦.୨୩୦	ରକ୍ଷିତ
	ସୁନାପୋଷି	୯୩	ସରକାରୀ	ପାଣି ମାହାଡ଼	୦.୦୫୦	ରକ୍ଷିତ
	ସୁନାପୋଷି	୬୭୦	ବେସରକାରୀ	ଡାହି-୧	୦.୬୩୦	ଆନନ୍ଦ ନାଗ, ପ୍ରତାପ ନାଗ, ପି-ପଞ୍ଚାନନ, ସୁରେଶ ନାଗ, କାଶୀନାଥ ନାଗ, ପି-ଦାମୁ ନାଗ, କୁଲ୍ଲରା ନାଗ, ସ୍ବା-ଲକ୍ଷ୍ମୀଧର ନାଗ, ଲୋକ୍କାଣ ନାଗ, ପି-ଲକ୍ଷ୍ମୀଧର ନାଗ, ଜା-ଗୋପାଳ, ଗ୍ରା-ନିକଟା
	ସୁନାପୋଷି	୬୫୯	ବେସରକାରୀ	ଡାହି-୧	୦.୦୨୦	ଆନନ୍ଦ ନାଗ, ପ୍ରତାପ ନାଗ, ପି-ପଞ୍ଚାନନ, ସୁରେଶ ନାଗ, କାଶୀନାଥ ନାଗ, ପି-ଦାମୁ ନାଗ, କୁଲ୍ଲରା ନାଗ, ସ୍ବା-ଲକ୍ଷ୍ମୀଧର ନାଗ, ଲୋକ୍କାଣ ନାଗ, ପି-ଲକ୍ଷ୍ମୀଧର ନାଗ, ଜା-ଗୋପାଳ, ଗ୍ରା-ନିକଟା
	ସୁନାପୋଷି	୬୬୯	ବେସରକାରୀ	ଡାହି-୧	୦.୫୩୦	ଅଭିରାମ ଭିଡ଼ି, ପି-ଜଗୁ ନାଗ, ଜା-ଗୋପାଳ, ଗ୍ରା-ନିକିଡ଼ି
	ସୁନାପୋଷି	୬୭୦	ବେସରକାରୀ	ଡାହି-୧	୦.୫୪୦	ଜଗୁନ୍ତୁ ନାଗ, ଗୋପୀ ନାଗ, ଗୋବିନ୍ଦ ନାଗ, ପି-କୃଷ୍ଣ ନାଗ, ଲଲିତା ନାଗ, ପୁଲମଣି ନାଗ, ସ୍ବା-ଗୋମା ନାଗ, ଜା-ଗୋଳ, ଗ୍ରା-ନିକଟା
	ସୁନାପୋଷି	୭୨	ସରକାରୀ	ନୟନଜୋରି	୧.୫୫୦	ଜାଗୟ ଭାରପଧ
	ସୁନାପୋଷି	୭୧	ସରକାରୀ	ନୟନଜୋରି	୦.୫୩୦	ଜାଗୟ ଭାରପଧ
	ସୁନାପୋଷି	୭୨	ସରକାରୀ	ରାସ୍ତା	୧.୫୩୦	ଜାଗୟ ଭାରପଧ
	ସୁନାପୋଷି	୭୩	ସରକାରୀ	ନୟନଜୋରି	୦.୫୦୦	ଜାଗୟ ଭାରପଧ
	ସୁନାପୋଷି	୧୦	ସରକାରୀ	ପତିତ	୦.୫୩୦	ଜାଗୟ ଭାରପଧ
	ସୁନାପୋଷି	୧୮	ସରକାରୀ	ନୟନଜୋରି	୦.୫୬୦	ଜାଗୟ ଭାରପଧ
	ସୁନାପୋଷି	୧୫	ସରକାରୀ	ପତିତ	୦.୫୨୦	ଜାଗୟ ଭାରପଧ
	ସୁନାପୋଷି	୧୬	ସରକାରୀ	ନୟନଜୋରି	୦.୮୦୦	ଜାଗୟ ଭାରପଧ
	ସୁନାପୋଷି	୧୭	ସରକାରୀ	ରାସ୍ତା	୦.୩୧୦	ଜାଗୟ ଭାରପଧ
	ସୁନାପୋଷି	୨୨	ସରକାରୀ	ରାସ୍ତା	୦.୦୫୦	ସର୍ବସାଧାରଣ
	ସୁନାପୋଷି	୧୦୦	ସରକାରୀ	ରାସ୍ତା	୦.୦୫୦	ସର୍ବସାଧାରଣ
	ସୁନାପୋଷି	୬୫	ସରକାରୀ	ଦେବସ୍ଥଳ	୦.୦୨୦	ସର୍ବସାଧାରଣ
	ସୁନାପୋଷି	୬୮	ସରକାରୀ	ପରବାଡି	୦.୫୩୦	ଆବାଦ ଯୋଗ୍ୟ ଅନାବାଦି
	ସୁନାପୋଷି	୨୫	ସରକାରୀ	ପରବାଡି	୦.୫୩୦	ଆବାଦ ଯୋଗ୍ୟ ଅନାବାଦି
	ସୁନାପୋଷି	୩୦	ସରକାରୀ	ପରବାଡି	୦.୫୩୦	ଆବାଦ ଯୋଗ୍ୟ ଅନାବାଦି
	ସୁନାପୋଷି	୮୧	ବେସରକାରୀ	ଡାହି-୧	୦.୦୫୦	ବିହୁ ନାଗ, ଦୁଖୁରୁ ନାଗ, ପି-ବାଧା ନାଗ, ଗୋବର୍ଦ୍ଧନ ନାଗ, ସ୍ବା-ଗାଧା ନାଗ, ଗୋବର୍ଦ୍ଧନ ନାଗ, ପି-ବିନ୍ଦୁ ନାଗ, ଜା-ଗୋଳ, ଗ୍ରା-ନିକଟା
	ସୁନାପୋଷି	୮୪	ବେସରକାରୀ	ଡାହି-୧	୦.୫୫୦	ସୁଭିତ ମହାପାତ୍ର, ପି-ବୈକୁଣ୍ଠନାଥ ମହାପାତ୍ର, ଜା-ମଣିଷି, ଗ୍ରା-ନିକଟା
	ସୁନାପୋଷି	୯୪	ବେସରକାରୀ	ଡାହି-୧	୦.୨୫୦	କୃଷ୍ଣ ଭିଡ଼ି, ପି-ବରି ଭିଡ଼ି, ଜା-ଗୋପାଳ, ଗ୍ରା-ନିକଟା
	ସୁନାପୋଷି	୩୫	ସରକାରୀ	ଜଙ୍ଗ	୦.୦୨୦	ଆବାଦ ଯୋଗ୍ୟ ଅନାବାଦି
	ସୁନାପୋଷି	୮୫	ବେସରକାରୀ	ଡାହି-୧	୦.୧୫୦	ପ୍ରମ ହୋରେନ୍ଦୁ, ପି-ମଧୁସୂଦନ ଯୋରେନ, ଜା-ସାନ୍ତାଳ, ଗ୍ରା-ନିକଟା
	ସୁନାପୋଷି	୧୧	ସରକାରୀ	ଗରଡ଼-୨	୦.୦୫୦	ଆବାଦ ଯୋଗ୍ୟ ଅନାବାଦି
	ସୁନାପୋଷି	୬୦/୬୫୮	ସରକାରୀ	ଗରଡ଼-୨	୦.୧୩୦	ଆବାଦ ଯୋଗ୍ୟ ଅନାବାଦି
	ସୁନାପୋଷି	୧୦୧	ବେସରକାରୀ	ଡାହି-୧	୦.୦୩୦	ଗୋପାଗାଇ ମାଝି, ସୁନ୍ଦରାମି ମାଝି, ପି-ଲଖାଣ୍ଡ ମାଝି, ମନ ମାଝି, ସ୍ବା-ସରାଣ୍ଡ ମାଝି, ଜା-ସାନ୍ତାଳ, ଗ୍ରା-ନିକଟା
	ସୁନାପୋଷି	୬୯	ବେସରକାରୀ	ଡାହି-୧	୦.୫୪୦	ଗୋପାଗାଇ ମାଝି, ସୁନ୍ଦରାମି ମାଝି, ପି-ଲଖାଣ୍ଡ ମାଝି, ମନ ମାଝି, ସ୍ବା-ସରାଣ୍ଡ ମାଝି, ଜା-ସାନ୍ତାଳ, ଗ୍ରା-ନିକଟା
	ସୁନାପୋଷି	୬୦	ବେସରକାରୀ	ଡାହି-୧	୦.୦୧୦	ବଳଦେବନ ନାଗ, ପି-କୃଷ୍ଣ ନାଗ, ଗୋପାଳ ନାଗ, ପି-ପାଣ୍ଡୁ ନାଗ, ବଡ ନାଗ, ସ୍ବା-ପାଣ୍ଡୁ ନାଗ, କୁନା ନାଗ, ମଧୁ ନାଗ, ପି-ଦୁର୍ଗା ନାଗ, ବେଦେଇ ନାଗ, ସ୍ବା-ଦୁର୍ଗା ନାଗ, ଗୋପେ ନାଗ, ଦୁଲୁମ୍ଭ ନାଗ, ପ୍ରିତାସ ନାଗ, ପି-କୁନା ନାଗ, ସାନ୍ତୁବୁମ୍ଭ ନାଗ, ପି-ଘଣ୍ଟିଆ ନାଗ, ପ୍ରହାସ ନାଗ, ପି-କୁନା ନାଗ, କଳଦୁ ନାଗ, ପି-ତିହା ନାଗ, ଗୋପାଳ ନାଗ, ସାନ୍ତୁବୁମ୍ଭ ନାଗ, ପି-ଦ୍ରିଭାଳ ନାଗ, ରଘୁଣି ନାଗ, ସ୍ବା-ଦ୍ରିଭାଳ ନାଗ, ଜା-ଗୋଳ, ଗ୍ରା-ନିକଟା
	ସୁନାପୋଷି	୬୨	ବେସରକାରୀ	ଡାହି-୧	୦.୫୧୦	ବଳଦେବନ ନାଗ, ପି-କୃଷ୍ଣ ନାଗ, ଗୋପାଳ ନାଗ, ପି-ପାଣ୍ଡୁ ନାଗ, ବଡ ନାଗ, ସ୍ବା-ପାଣ୍ଡୁ ନାଗ, କୁନା ନାଗ, ମଧୁ ନାଗ, ପି-ଦୁର୍ଗା ନାଗ, ବେଦେଇ ନାଗ, ସ୍ବା-ଦୁର୍ଗା ନାଗ, ଗୋପେ ନାଗ, ଦୁଲୁମ୍ଭ ନାଗ, ପ୍ରିତାସ ନାଗ, ପି-କୁନା ନାଗ, ସାନ୍ତୁବୁମ୍ଭ ନାଗ, ପି-ଘଣ୍ଟିଆ ନାଗ, ପ୍ରହାସ ନାଗ, ପି-କୁନା ନାଗ, କଳଦୁ ନାଗ, ପି-ତିହା ନାଗ, ଗୋପାଳ ନାଗ, ସାନ୍ତୁବୁମ୍ଭ ନାଗ, ପି-ଦ୍ରିଭାଳ ନାଗ, ରଘୁଣି ନାଗ, ସ୍ବା-ଦ୍ରିଭାଳ ନାଗ, ଜା-ଗୋଳ, ଗ୍ରା-ନିକଟା
	ସୁନାପୋଷି	୬୩	ବେସରକାରୀ	ଡାହି-୧	୦.୧୨୦	ବଳଦେବନ ନାଗ, ପି-କୃଷ୍ଣ ନାଗ, ଗୋପାଳ ନାଗ, ପି-ପାଣ୍ଡୁ ନାଗ, ବଡ ନାଗ, ସ୍ବା-ପାଣ୍ଡୁ ନାଗ, କୁନା ନାଗ, ମଧୁ ନାଗ, ପି-ଦୁର୍ଗା ନାଗ, ବେଦେଇ ନାଗ, ସ୍ବା-ଦୁର୍ଗା ନାଗ, ଗୋପେ ନାଗ, ଦୁଲୁମ୍ଭ ନାଗ, ପ୍ରିତାସ ନାଗ, ପି-କୁନା ନାଗ, ସାନ୍ତୁବୁମ୍ଭ ନାଗ, ପି-ଘଣ୍ଟିଆ ନାଗ, ପ୍ରହାସ ନାଗ, ପି-କୁନା ନାଗ, କଳଦୁ ନାଗ, ପି-ତିହା ନାଗ, ଗୋପାଳ ନାଗ, ସାନ୍ତୁବୁମ୍ଭ ନାଗ, ପି-ଦ୍ରିଭାଳ ନାଗ, ରଘୁଣି ନାଗ, ସ୍ବା-ଦ୍ରିଭାଳ ନାଗ, ଜା-ଗୋଳ, ଗ୍ରା-ନିକଟା
	ସୁନାପୋଷି	୬୬	ବେସରକାରୀ	ଡାହି-୧		ବଳଦେବନ ନାଗ, ପି-କୃଷ୍ଣ ନାଗ, ଗୋପାଳ ନାଗ, ପି-ପାଣ୍ଡୁ ନାଗ, ବଡ ନାଗ, ସ୍ବା-ପାଣ୍ଡୁ ନାଗ, କୁନା ନାଗ, ମଧୁ ନାଗ, ପି-ଦୁର୍ଗା ନାଗ, ବେଦେଇ ନାଗ,
(See Next Page)
